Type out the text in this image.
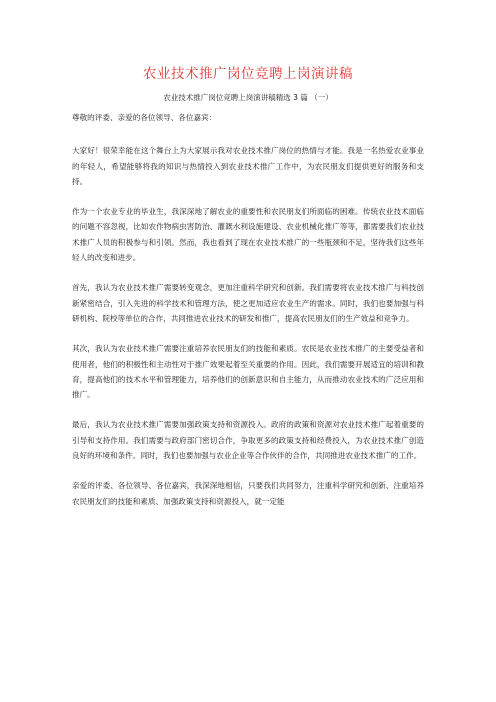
农业技术推广岗位竞聘上岗演讲稿

农业技术推广岗位竞聘上岗演讲稿精选 3 篇 （一）

尊敬的评委、亲爱的各位领导、各位嘉宾：

大家好！很荣幸能在这个舞台上为大家展示我对农业技术推广岗位的热情与才能。我是一名热爱农业事业的年轻人，希望能够将我的知识与热情投入到农业技术推广工作中，为农民朋友们提供更好的服务和支持。

作为一个农业专业的毕业生，我深深地了解农业的重要性和农民朋友们所面临的困难。传统农业技术面临的问题不容忽视，比如农作物病虫害防治、灌溉水利设施建设、农业机械化推广等等，都需要我们农业技术推广人员的积极参与和引领。然而，我也看到了现在农业技术推广的一些瓶颈和不足，坚待我们这些年轻人的改变和进步。

首先，我认为农业技术推广需要转变观念，更加注重科学研究和创新。我们需要将农业技术推广与科技创新紧密结合，引入先进的科学技术和管理方法，使之更加适应农业生产的需求。同时，我们也要加强与科研机构、院校等单位的合作，共同推进农业技术的研发和推广，提高农民朋友们的生产效益和竞争力。

其次，我认为农业技术推广需要注重培养农民朋友们的技能和素质。农民是农业技术推广的主要受益者和使用者，他们的积极性和主动性对于推广效果起着至关重要的作用。因此，我们需要开展适宜的培训和教育，提高他们的技术水平和管理能力，培养他们的创新意识和自主能力，从而推动农业技术的广泛应用和推广。

最后，我认为农业技术推广需要加强政策支持和资源投入。政府的政策和资源对农业技术推广起着重要的引导和支持作用。我们需要与政府部门密切合作，争取更多的政策支持和经费投入，为农业技术推广创造良好的环境和条件。同时，我们也要加强与农业企业等合作伙伴的合作，共同推进农业技术推广的工作。

亲爱的评委、各位领导、各位嘉宾，我深深地相信，只要我们共同努力，注重科学研究和创新、注重培养农民朋友们的技能和素质、加强政策支持和资源投入，就一定能
